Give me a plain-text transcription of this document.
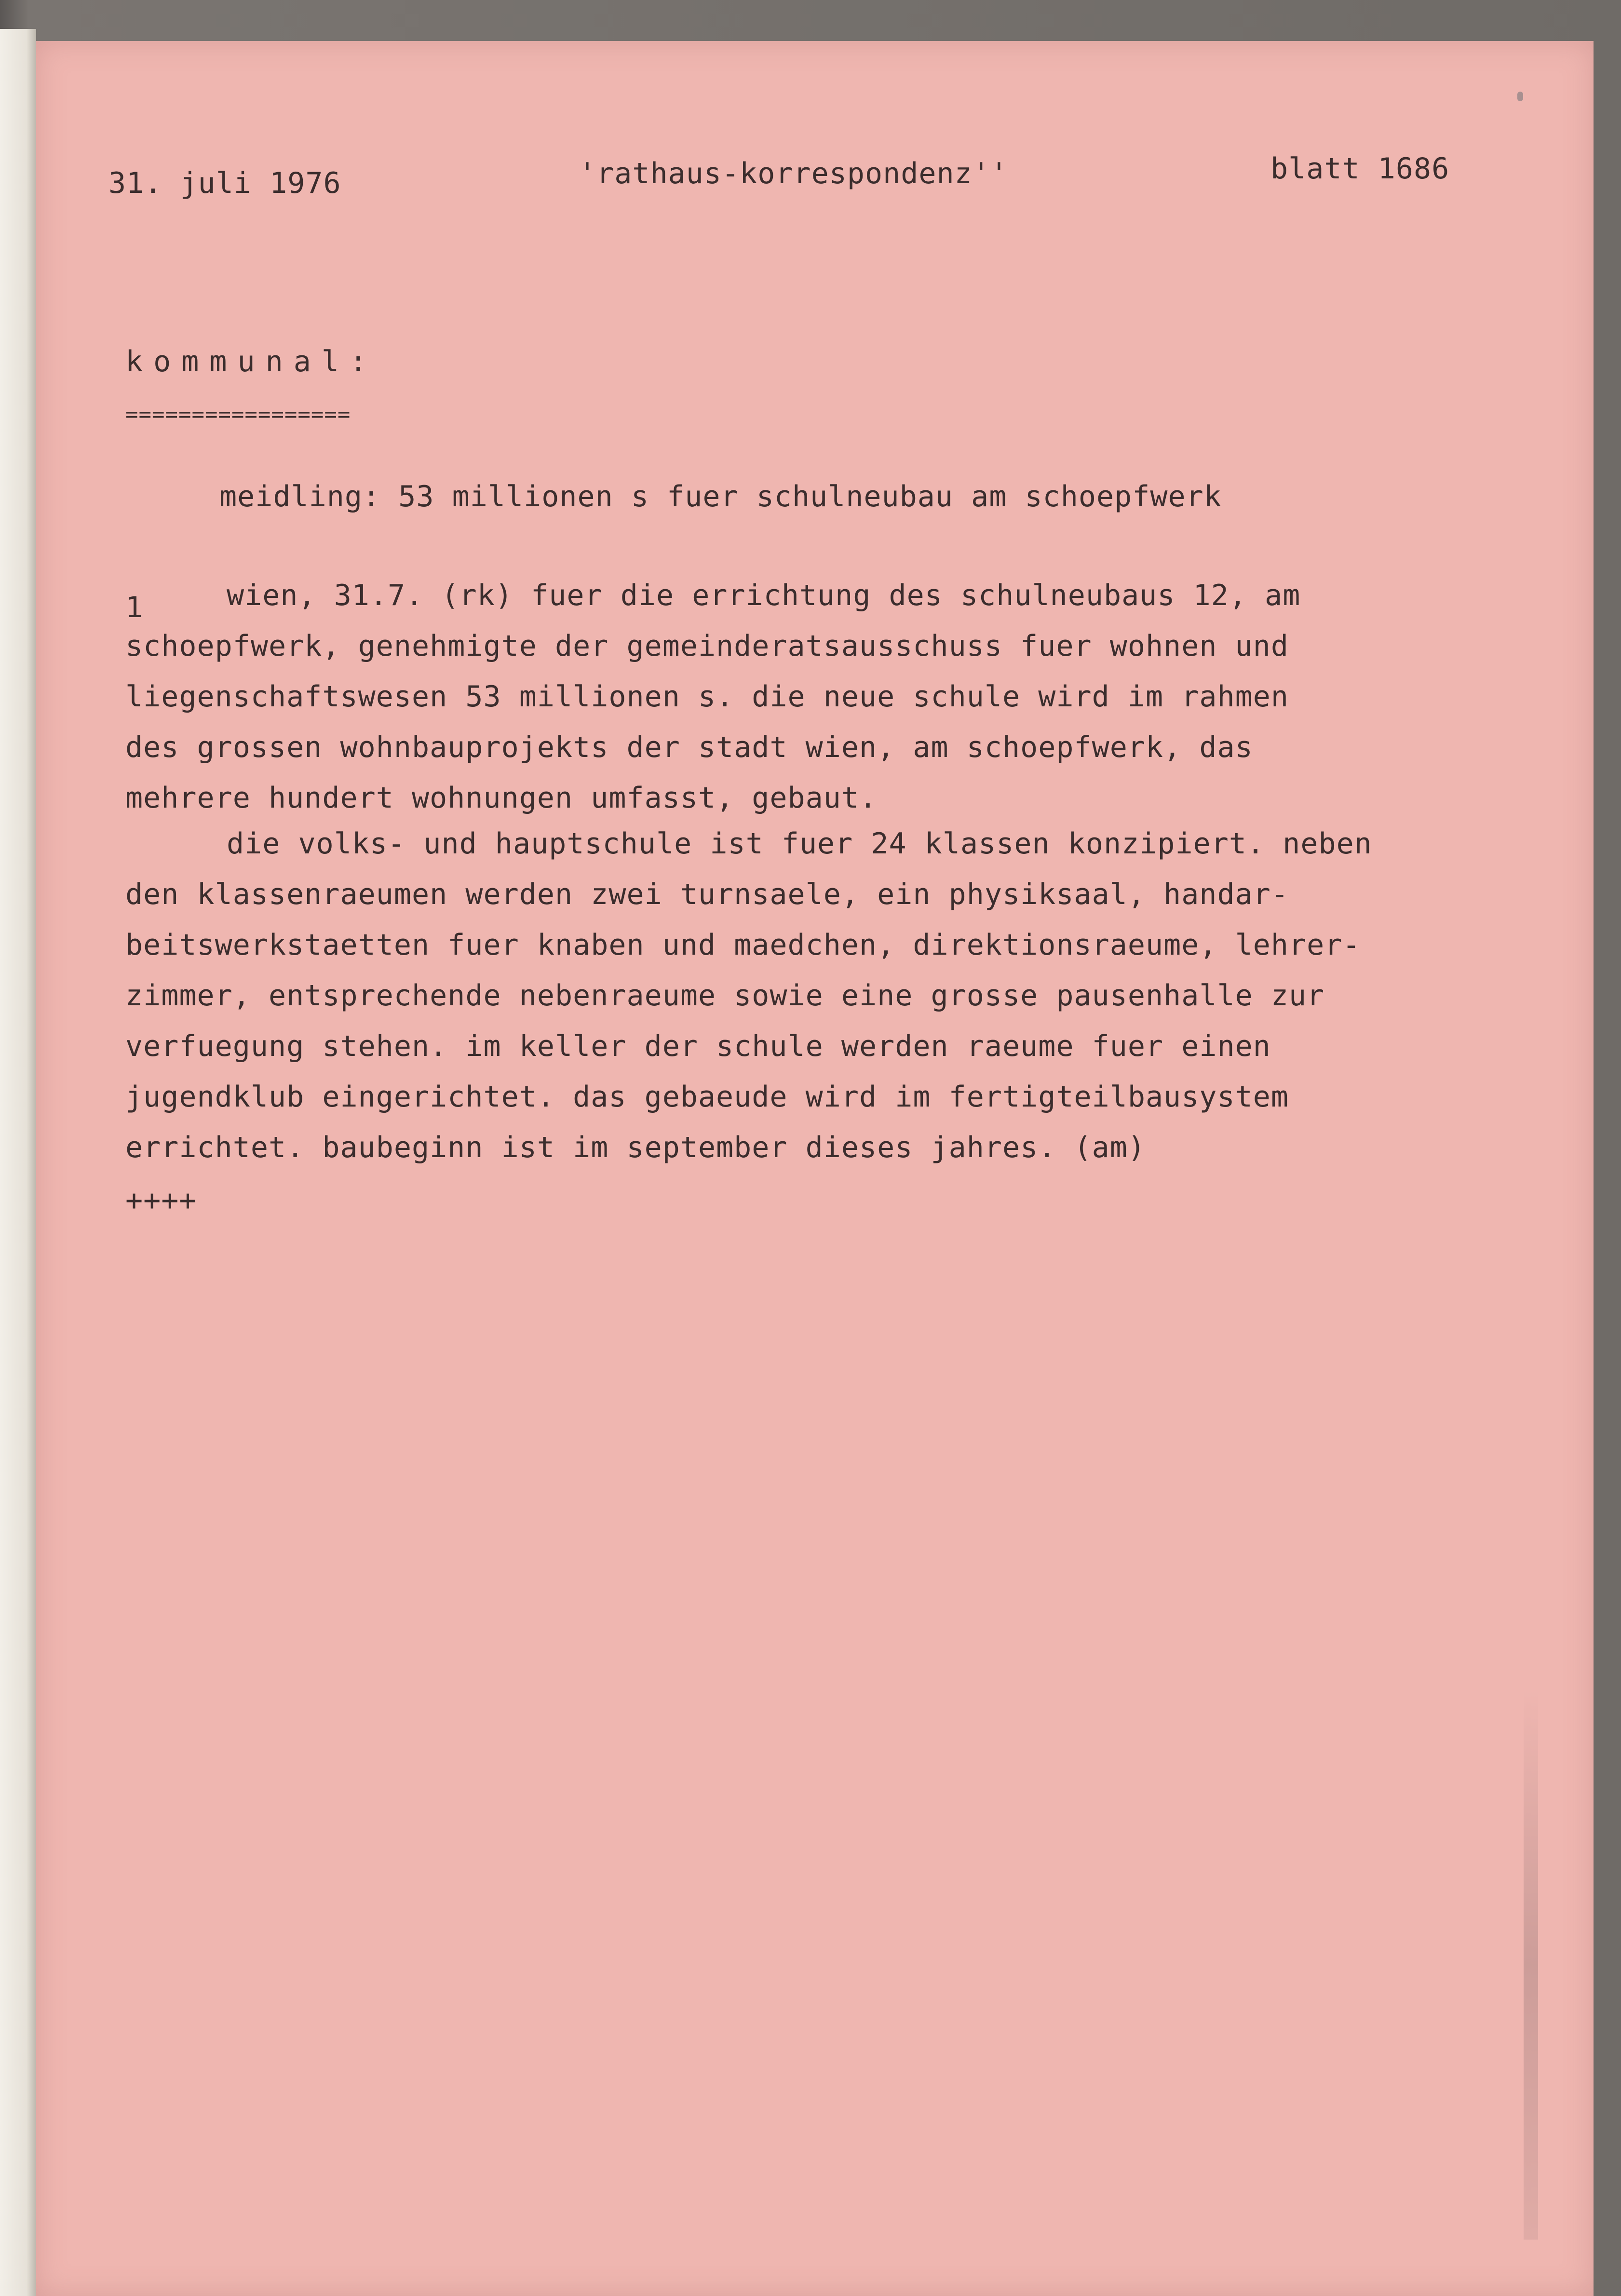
31. juli 1976	'rathaus-korrespondenz''	blatt 1686
kommunal:
=================
meidling: 53 millionen s fuer schulneubau am schoepfwerk
1	wien, 31.7. (rk) fuer die errichtung des schulneubaus 12, am
schoepfwerk, genehmigte der gemeinderatsausschuss fuer wohnen und
liegenschaftswesen 53 millionen s. die neue schule wird im rahmen
des grossen wohnbauprojekts der stadt wien, am schoepfwerk, das
mehrere hundert wohnungen umfasst, gebaut.
die volks- und hauptschule ist fuer 24 klassen konzipiert. neben
den klassenraeumen werden zwei turnsaele, ein physiksaal, handar-
beitswerkstaetten fuer knaben und maedchen, direktionsraeume, lehrer-
zimmer, entsprechende nebenraeume sowie eine grosse pausenhalle zur
verfuegung stehen. im keller der schule werden raeume fuer einen
jugendklub eingerichtet. das gebaeude wird im fertigteilbausystem
errichtet. baubeginn ist im september dieses jahres. (am)
++++
